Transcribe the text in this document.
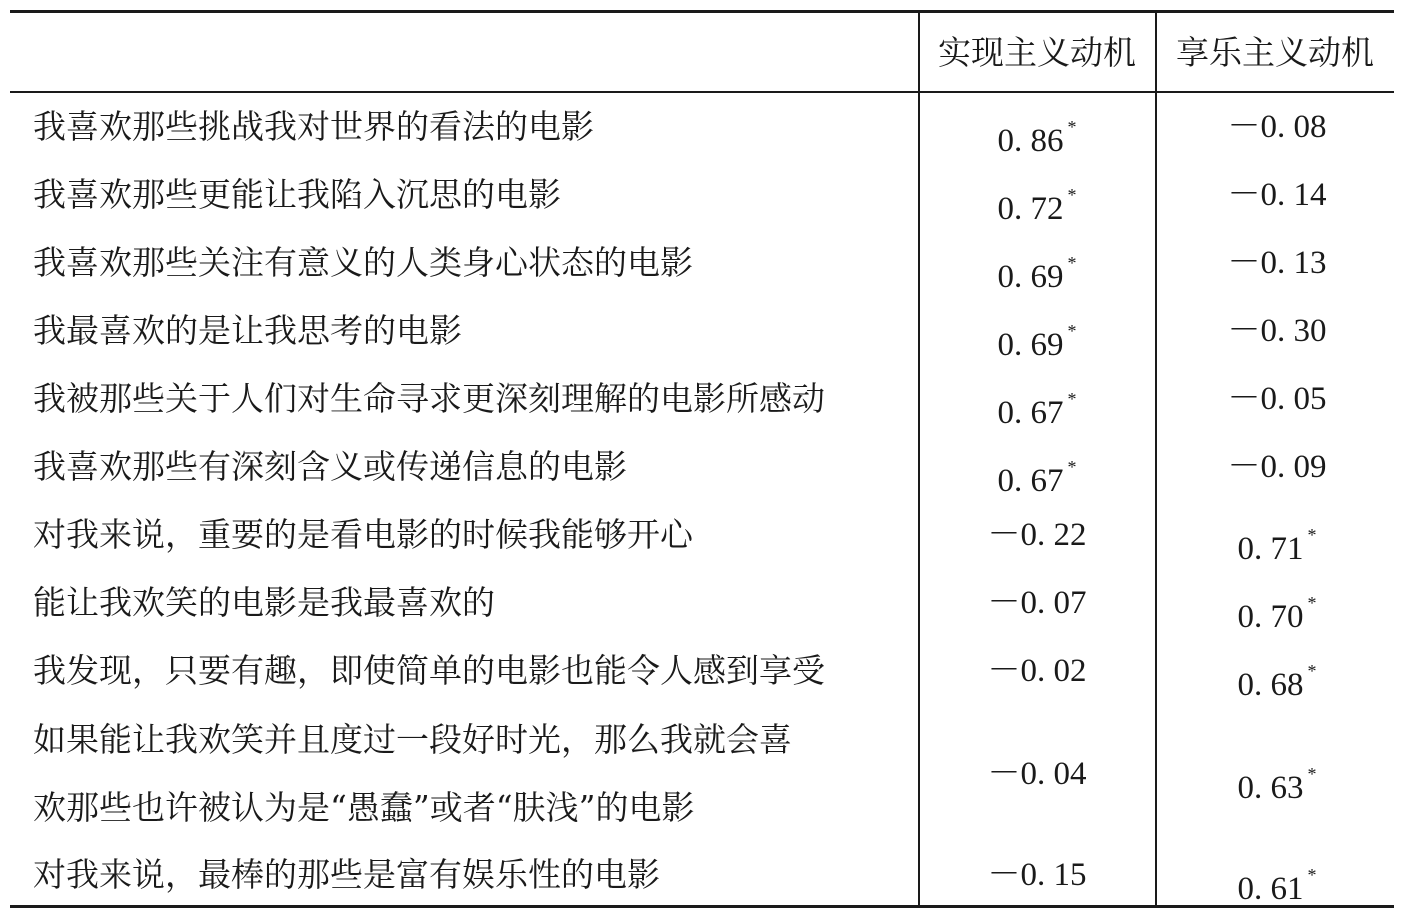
实现主义动机	享乐主义动机
我喜欢那些挑战我对世界的看法的电影	0. 86 *	－0. 08
我喜欢那些更能让我陷入沉思的电影	0. 72 *	－0. 14
我喜欢那些关注有意义的人类身心状态的电影	0. 69 *	－0. 13
我最喜欢的是让我思考的电影	0. 69 *	－0. 30
我被那些关于人们对生命寻求更深刻理解的电影所感动	0. 67 *	－0. 05
我喜欢那些有深刻含义或传递信息的电影	0. 67 *	－0. 09
对我来说，重要的是看电影的时候我能够开心	－0. 22	0. 71 *
能让我欢笑的电影是我最喜欢的	－0. 07	0. 70 *
我发现，只要有趣，即使简单的电影也能令人感到享受	－0. 02	0. 68 *
如果能让我欢笑并且度过一段好时光，那么我就会喜
欢那些也许被认为是“愚蠢”或者“肤浅”的电影
－0. 04	0. 63 *
对我来说，最棒的那些是富有娱乐性的电影	－0. 15	0. 61 *
